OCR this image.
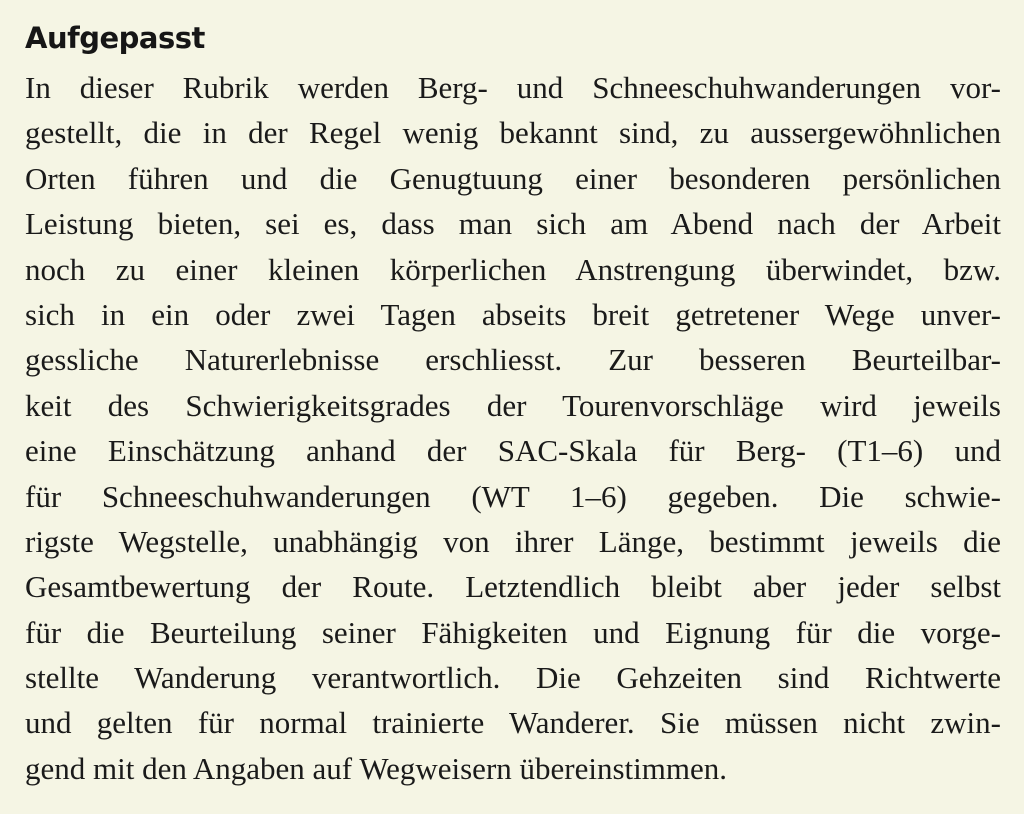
Aufgepasst
In dieser Rubrik werden Berg- und Schneeschuhwanderungen vor-
gestellt, die in der Regel wenig bekannt sind, zu aussergewöhnlichen
Orten führen und die Genugtuung einer besonderen persönlichen
Leistung bieten, sei es, dass man sich am Abend nach der Arbeit
noch zu einer kleinen körperlichen Anstrengung überwindet, bzw.
sich in ein oder zwei Tagen abseits breit getretener Wege unver-
gessliche Naturerlebnisse erschliesst. Zur besseren Beurteilbar-
keit des Schwierigkeitsgrades der Tourenvorschläge wird jeweils
eine Einschätzung anhand der SAC-Skala für Berg- (T1–6) und
für Schneeschuhwanderungen (WT 1–6) gegeben. Die schwie-
rigste Wegstelle, unabhängig von ihrer Länge, bestimmt jeweils die
Gesamtbewertung der Route. Letztendlich bleibt aber jeder selbst
für die Beurteilung seiner Fähigkeiten und Eignung für die vorge-
stellte Wanderung verantwortlich. Die Gehzeiten sind Richtwerte
und gelten für normal trainierte Wanderer. Sie müssen nicht zwin-
gend mit den Angaben auf Wegweisern übereinstimmen.
